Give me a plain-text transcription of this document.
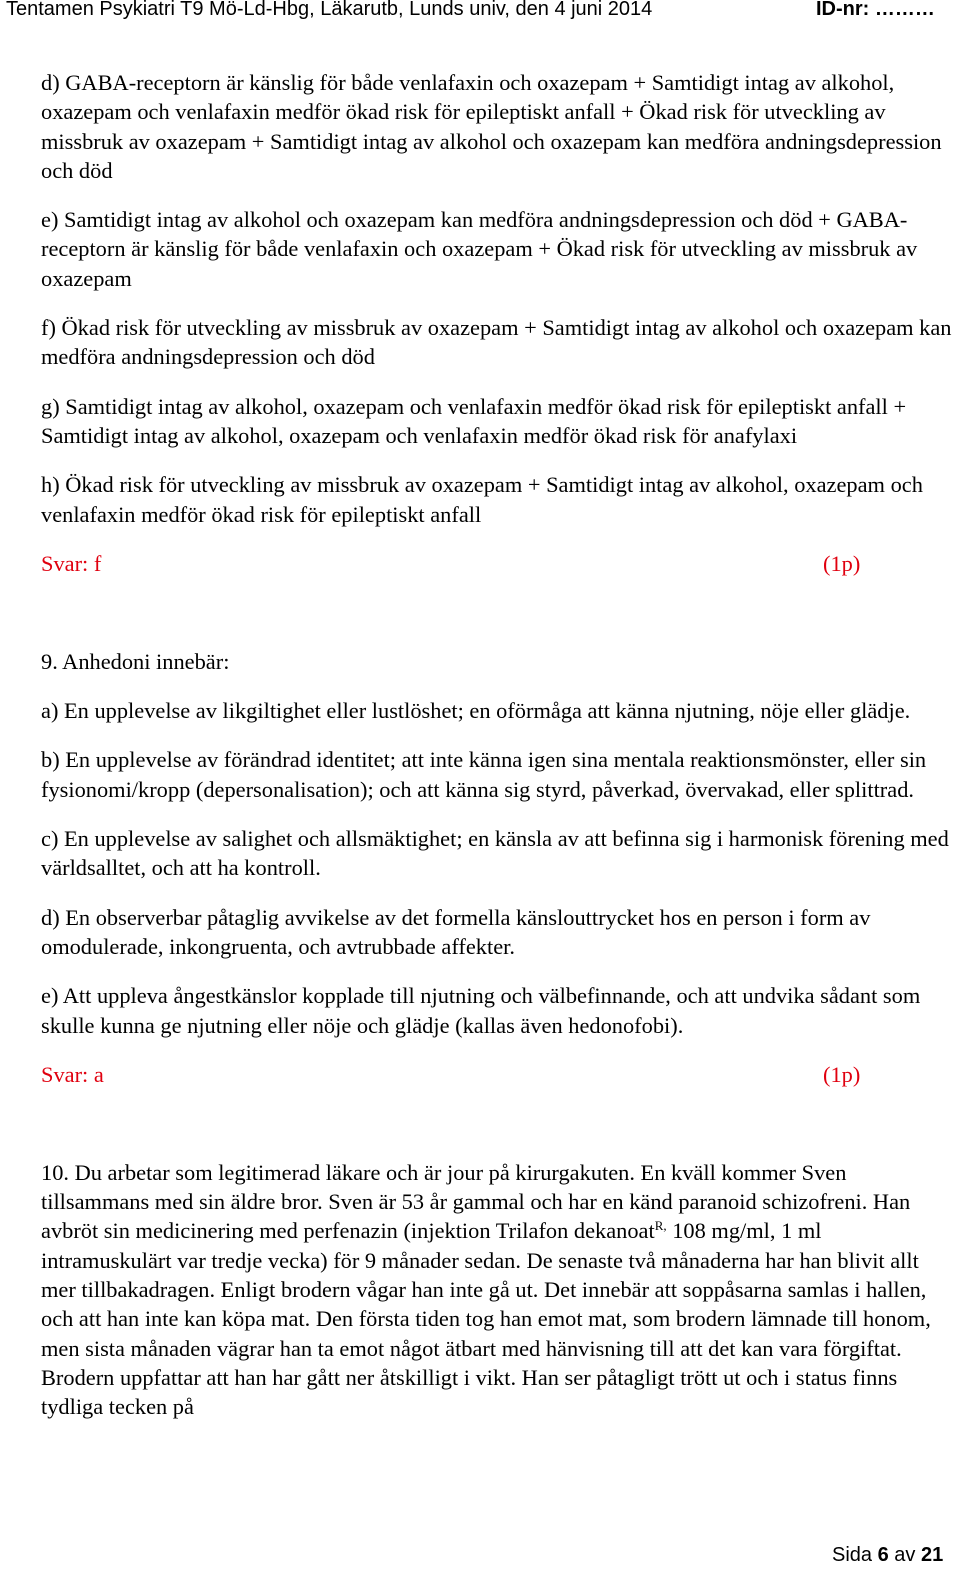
Tentamen Psykiatri T9 Mö-Ld-Hbg, Läkarutb, Lunds univ, den 4 juni 2014	ID-nr: ………

d) GABA-receptorn är känslig för både venlafaxin och oxazepam + Samtidigt intag av alkohol, oxazepam och venlafaxin medför ökad risk för epileptiskt anfall + Ökad risk för utveckling av missbruk av oxazepam + Samtidigt intag av alkohol och oxazepam kan medföra andningsdepression och död

e) Samtidigt intag av alkohol och oxazepam kan medföra andningsdepression och död + GABA-receptorn är känslig för både venlafaxin och oxazepam + Ökad risk för utveckling av missbruk av oxazepam

f) Ökad risk för utveckling av missbruk av oxazepam + Samtidigt intag av alkohol och oxazepam kan medföra andningsdepression och död

g) Samtidigt intag av alkohol, oxazepam och venlafaxin medför ökad risk för epileptiskt anfall + Samtidigt intag av alkohol, oxazepam och venlafaxin medför ökad risk för anafylaxi

h) Ökad risk för utveckling av missbruk av oxazepam + Samtidigt intag av alkohol, oxazepam och venlafaxin medför ökad risk för epileptiskt anfall

Svar: f	(1p)

9. Anhedoni innebär:

a) En upplevelse av likgiltighet eller lustlöshet; en oförmåga att känna njutning, nöje eller glädje.

b) En upplevelse av förändrad identitet; att inte känna igen sina mentala reaktionsmönster, eller sin fysionomi/kropp (depersonalisation); och att känna sig styrd, påverkad, övervakad, eller splittrad.

c) En upplevelse av salighet och allsmäktighet; en känsla av att befinna sig i harmonisk förening med världsalltet, och att ha kontroll.

d) En observerbar påtaglig avvikelse av det formella känslouttrycket hos en person i form av omodulerade, inkongruenta, och avtrubbade affekter.

e) Att uppleva ångestkänslor kopplade till njutning och välbefinnande, och att undvika sådant som skulle kunna ge njutning eller nöje och glädje (kallas även hedonofobi).

Svar: a	(1p)

10. Du arbetar som legitimerad läkare och är jour på kirurgakuten. En kväll kommer Sven tillsammans med sin äldre bror. Sven är 53 år gammal och har en känd paranoid schizofreni. Han avbröt sin medicinering med perfenazin (injektion Trilafon dekanoat$^{R,}$ 108 mg/ml, 1 ml intramuskulärt var tredje vecka) för 9 månader sedan. De senaste två månaderna har han blivit allt mer tillbakadragen. Enligt brodern vågar han inte gå ut. Det innebär att soppåsarna samlas i hallen, och att han inte kan köpa mat. Den första tiden tog han emot mat, som brodern lämnade till honom, men sista månaden vägrar han ta emot något ätbart med hänvisning till att det kan vara förgiftat. Brodern uppfattar att han har gått ner åtskilligt i vikt. Han ser påtagligt trött ut och i status finns tydliga tecken på

Sida 6 av 21
